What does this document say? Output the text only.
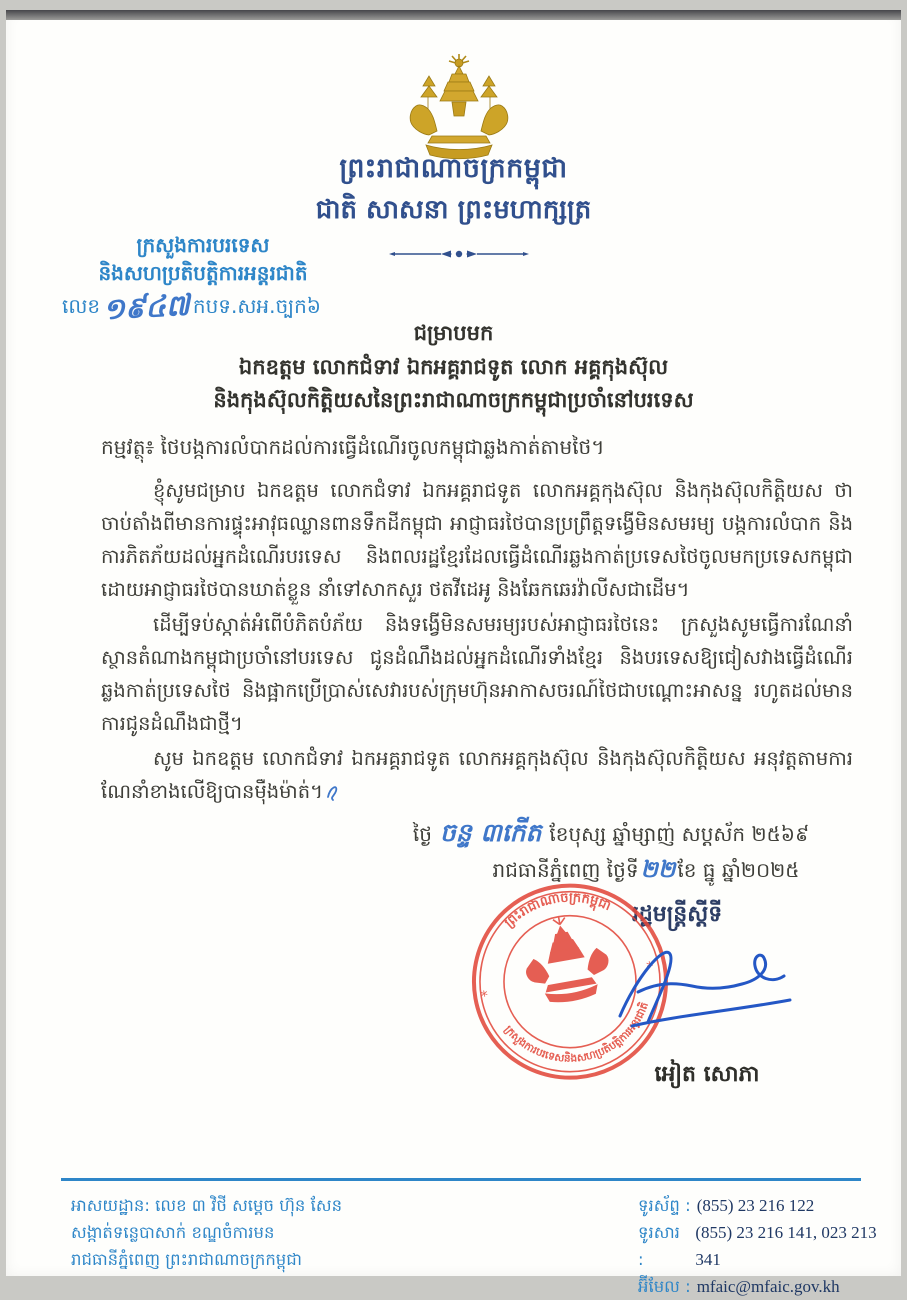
ព្រះរាជាណាចក្រកម្ពុជា
ជាតិ សាសនា ព្រះមហាក្សត្រ
ក្រសួងការបរទេស
និងសហប្រតិបត្តិការអន្តរជាតិ
លេខ១៩៤៧ កបទ.សអ.ច្បក៦
ជម្រាបមក
ឯកឧត្តម លោកជំទាវ ឯកអគ្គរាជទូត លោក អគ្គកុងស៊ុល
និងកុងស៊ុលកិត្តិយសនៃព្រះរាជាណាចក្រកម្ពុជាប្រចាំនៅបរទេស
កម្មវត្ថុ៖ ថៃបង្កការលំបាកដល់ការធ្វើដំណើរចូលកម្ពុជាឆ្លងកាត់តាមថៃ។
ខ្ញុំសូមជម្រាប ឯកឧត្តម លោកជំទាវ ឯកអគ្គរាជទូត លោកអគ្គកុងស៊ុល និងកុងស៊ុលកិត្តិយស ថា ចាប់តាំងពីមានការផ្ទុះអាវុធឈ្លានពានទឹកដីកម្ពុជា អាជ្ញាធរថៃបានប្រព្រឹត្តទង្វើមិនសមរម្យ បង្កការលំបាក និងការភិតភ័យដល់អ្នកដំណើរបរទេស និងពលរដ្ឋខ្មែរដែលធ្វើដំណើរឆ្លងកាត់ប្រទេសថៃចូលមកប្រទេសកម្ពុជា ដោយអាជ្ញាធរថៃបានឃាត់ខ្លួន នាំទៅសាកសួរ ថតវីដេអូ និងឆែកឆេរវ៉ាលីសជាដើម។
ដើម្បីទប់ស្កាត់អំពើបំភិតបំភ័យ និងទង្វើមិនសមរម្យរបស់អាជ្ញាធរថៃនេះ ក្រសួងសូមធ្វើការណែនាំស្ថានតំណាងកម្ពុជាប្រចាំនៅបរទេស ជូនដំណឹងដល់អ្នកដំណើរទាំងខ្មែរ និងបរទេសឱ្យជៀសវាងធ្វើដំណើរឆ្លងកាត់ប្រទេសថៃ និងផ្អាកប្រើប្រាស់សេវារបស់ក្រុមហ៊ុនអាកាសចរណ៍ថៃជាបណ្ដោះអាសន្ន រហូតដល់មានការជូនដំណឹងជាថ្មី។
សូម ឯកឧត្តម លោកជំទាវ ឯកអគ្គរាជទូត លោកអគ្គកុងស៊ុល និងកុងស៊ុលកិត្តិយស អនុវត្តតាមការណែនាំខាងលើឱ្យបានម៉ឺងម៉ាត់។
ថ្ងៃ ចន្ទ ៣កើត ខែបុស្ស ឆ្នាំម្សាញ់ សប្តស័ក ២៥៦៩
រាជធានីភ្នំពេញ ថ្ងៃទី២២ ខែ ធ្នូ ឆ្នាំ២០២៥
រដ្ឋមន្ត្រីស្តីទី
ព្រះរាជាណាចក្រកម្ពុជា
ក្រសួងការបរទេសនិងសហប្រតិបត្តិការអន្តរជាតិ
*
*
អៀត សោភា
អាសយដ្ឋាន: លេខ ៣ វិថី សម្តេច ហ៊ុន សែន
សង្កាត់ទន្លេបាសាក់ ខណ្ឌចំការមន
រាជធានីភ្នំពេញ ព្រះរាជាណាចក្រកម្ពុជា
ទូរស័ព្ទ : (855) 23 216 122
ទូរសារ :
(855) 23 216 141, 023 213 341
អ៊ីមែល : mfaic@mfaic.gov.kh
